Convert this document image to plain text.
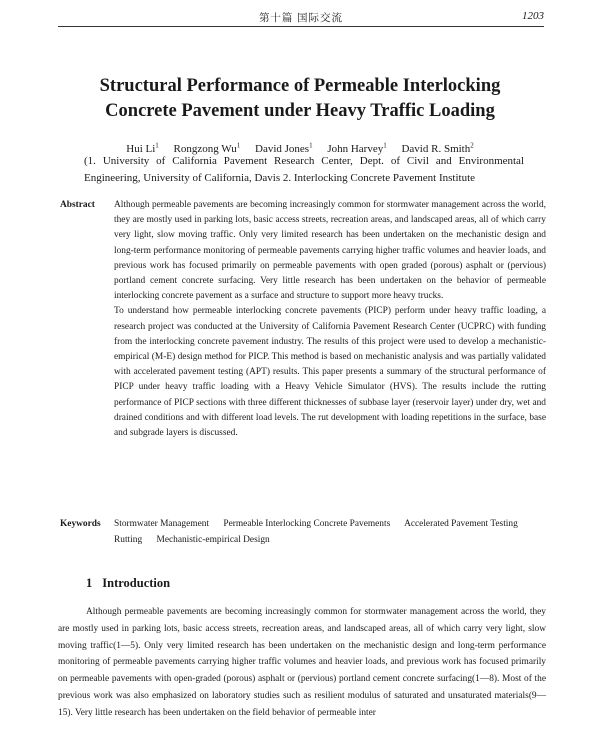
第十篇 国际交流	1203
Structural Performance of Permeable Interlocking
Concrete Pavement under Heavy Traffic Loading
Hui Li$^1$ Rongzong Wu$^1$ David Jones$^1$ John Harvey$^1$ David R. Smith$^2$
(1. University of California Pavement Research Center, Dept. of Civil and Environmental Engineering, University of California, Davis 2. Interlocking Concrete Pavement Institute
Abstract Although permeable pavements are becoming increasingly common for stormwater management across the world, they are mostly used in parking lots, basic access streets, recreation areas, and landscaped areas, all of which carry very light, slow moving traffic. Only very limited research has been undertaken on the mechanistic design and long-term performance monitoring of permeable pavements carrying higher traffic volumes and heavier loads, and previous work has focused primarily on permeable pavements with open graded (porous) asphalt or (pervious) portland cement concrete surfacing. Very little research has been undertaken on the behavior of permeable interlocking concrete pavement as a surface and structure to support more heavy trucks.

To understand how permeable interlocking concrete pavements (PICP) perform under heavy traffic loading, a research project was conducted at the University of California Pavement Research Center (UCPRC) with funding from the interlocking concrete pavement industry. The results of this project were used to develop a mechanistic-empirical (M-E) design method for PICP. This method is based on mechanistic analysis and was partially validated with accelerated pavement testing (APT) results. This paper presents a summary of the structural performance of PICP under heavy traffic loading with a Heavy Vehicle Simulator (HVS). The results include the rutting performance of PICP sections with three different thicknesses of subbase layer (reservoir layer) under dry, wet and drained conditions and with different load levels. The rut development with loading repetitions in the surface, base and subgrade layers is discussed.

Keywords Stormwater Management Permeable Interlocking Concrete Pavements Accelerated Pavement Testing Rutting Mechanistic-empirical Design
1 Introduction

Although permeable pavements are becoming increasingly common for stormwater management across the world, they are mostly used in parking lots, basic access streets, recreation areas, and landscaped areas, all of which carry very light, slow moving traffic(1—5). Only very limited research has been undertaken on the mechanistic design and long-term performance monitoring of permeable pavements carrying higher traffic volumes and heavier loads, and previous work has focused primarily on permeable pavements with open-graded (porous) asphalt or (pervious) portland cement concrete surfacing(1—8). Most of the previous work was also emphasized on laboratory studies such as resilient modulus of saturated and unsaturated materials(9—15). Very little research has been undertaken on the field behavior of permeable inter
